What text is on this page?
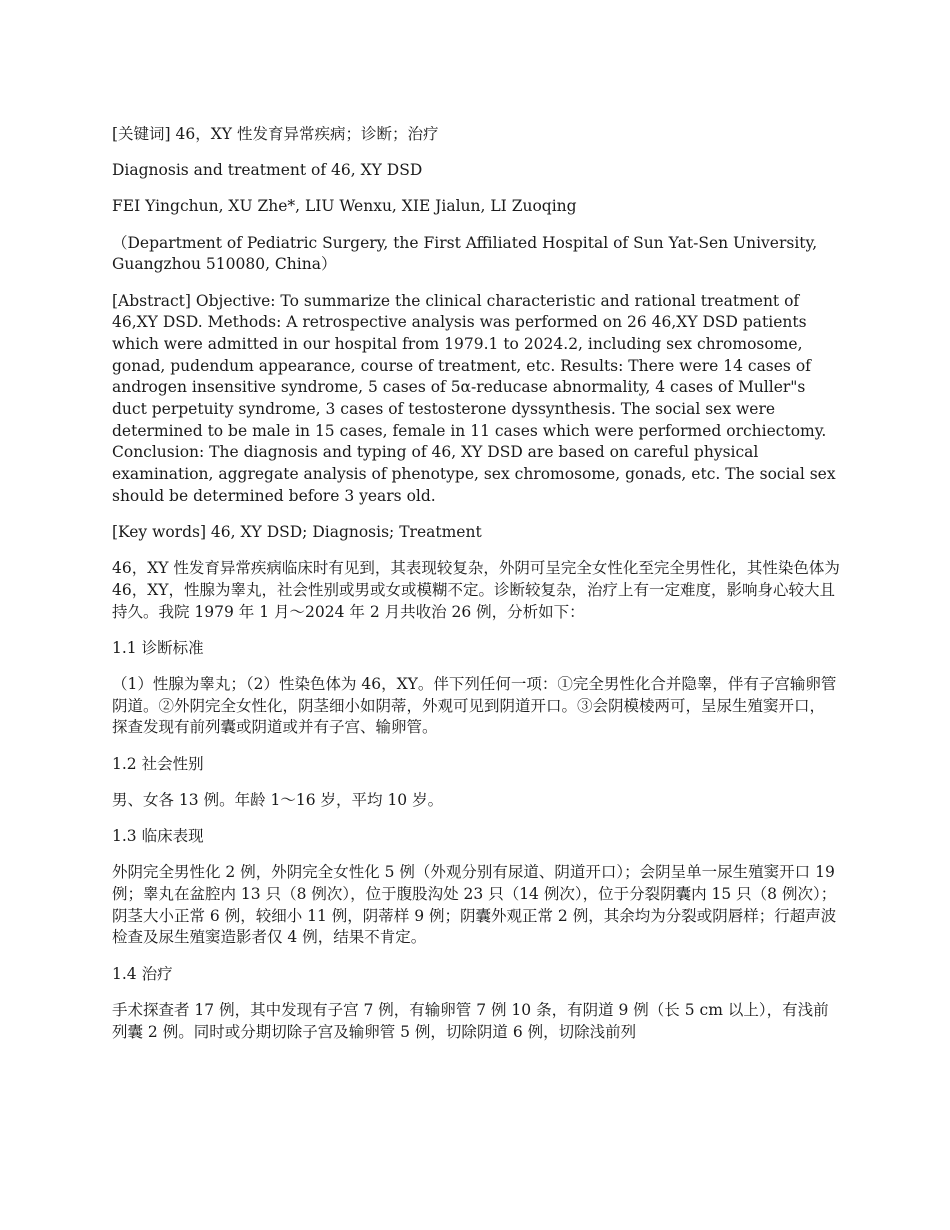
[关键词] 46，XY 性发育异常疾病；诊断；治疗

Diagnosis and treatment of 46, XY DSD

FEI Yingchun, XU Zhe*, LIU Wenxu, XIE Jialun, LI Zuoqing

（Department of Pediatric Surgery, the First Affiliated Hospital of Sun Yat-Sen University, Guangzhou 510080, China）

[Abstract] Objective: To summarize the clinical characteristic and rational treatment of 46,XY DSD. Methods: A retrospective analysis was performed on 26 46,XY DSD patients which were admitted in our hospital from 1979.1 to 2024.2, including sex chromosome, gonad, pudendum appearance, course of treatment, etc. Results: There were 14 cases of androgen insensitive syndrome, 5 cases of 5α-reducase abnormality, 4 cases of Muller"s duct perpetuity syndrome, 3 cases of testosterone dyssynthesis. The social sex were determined to be male in 15 cases, female in 11 cases which were performed orchiectomy. Conclusion: The diagnosis and typing of 46, XY DSD are based on careful physical examination, aggregate analysis of phenotype, sex chromosome, gonads, etc. The social sex should be determined before 3 years old.

[Key words] 46, XY DSD; Diagnosis; Treatment

46，XY 性发育异常疾病临床时有见到，其表现较复杂，外阴可呈完全女性化至完全男性化，其性染色体为 46，XY，性腺为睾丸，社会性别或男或女或模糊不定。诊断较复杂，治疗上有一定难度，影响身心较大且持久。我院 1979 年 1 月～2024 年 2 月共收治 26 例，分析如下：

1.1 诊断标准

（1）性腺为睾丸；（2）性染色体为 46，XY。伴下列任何一项：①完全男性化合并隐睾，伴有子宫输卵管阴道。②外阴完全女性化，阴茎细小如阴蒂，外观可见到阴道开口。③会阴模棱两可，呈尿生殖窦开口，探查发现有前列囊或阴道或并有子宫、输卵管。

1.2 社会性别

男、女各 13 例。年龄 1～16 岁，平均 10 岁。

1.3 临床表现

外阴完全男性化 2 例，外阴完全女性化 5 例（外观分别有尿道、阴道开口）；会阴呈单一尿生殖窦开口 19 例；睾丸在盆腔内 13 只（8 例次），位于腹股沟处 23 只（14 例次），位于分裂阴囊内 15 只（8 例次）；阴茎大小正常 6 例，较细小 11 例，阴蒂样 9 例；阴囊外观正常 2 例，其余均为分裂或阴唇样；行超声波检查及尿生殖窦造影者仅 4 例，结果不肯定。

1.4 治疗

手术探查者 17 例，其中发现有子宫 7 例，有输卵管 7 例 10 条，有阴道 9 例（长 5 cm 以上），有浅前列囊 2 例。同时或分期切除子宫及输卵管 5 例，切除阴道 6 例，切除浅前列
